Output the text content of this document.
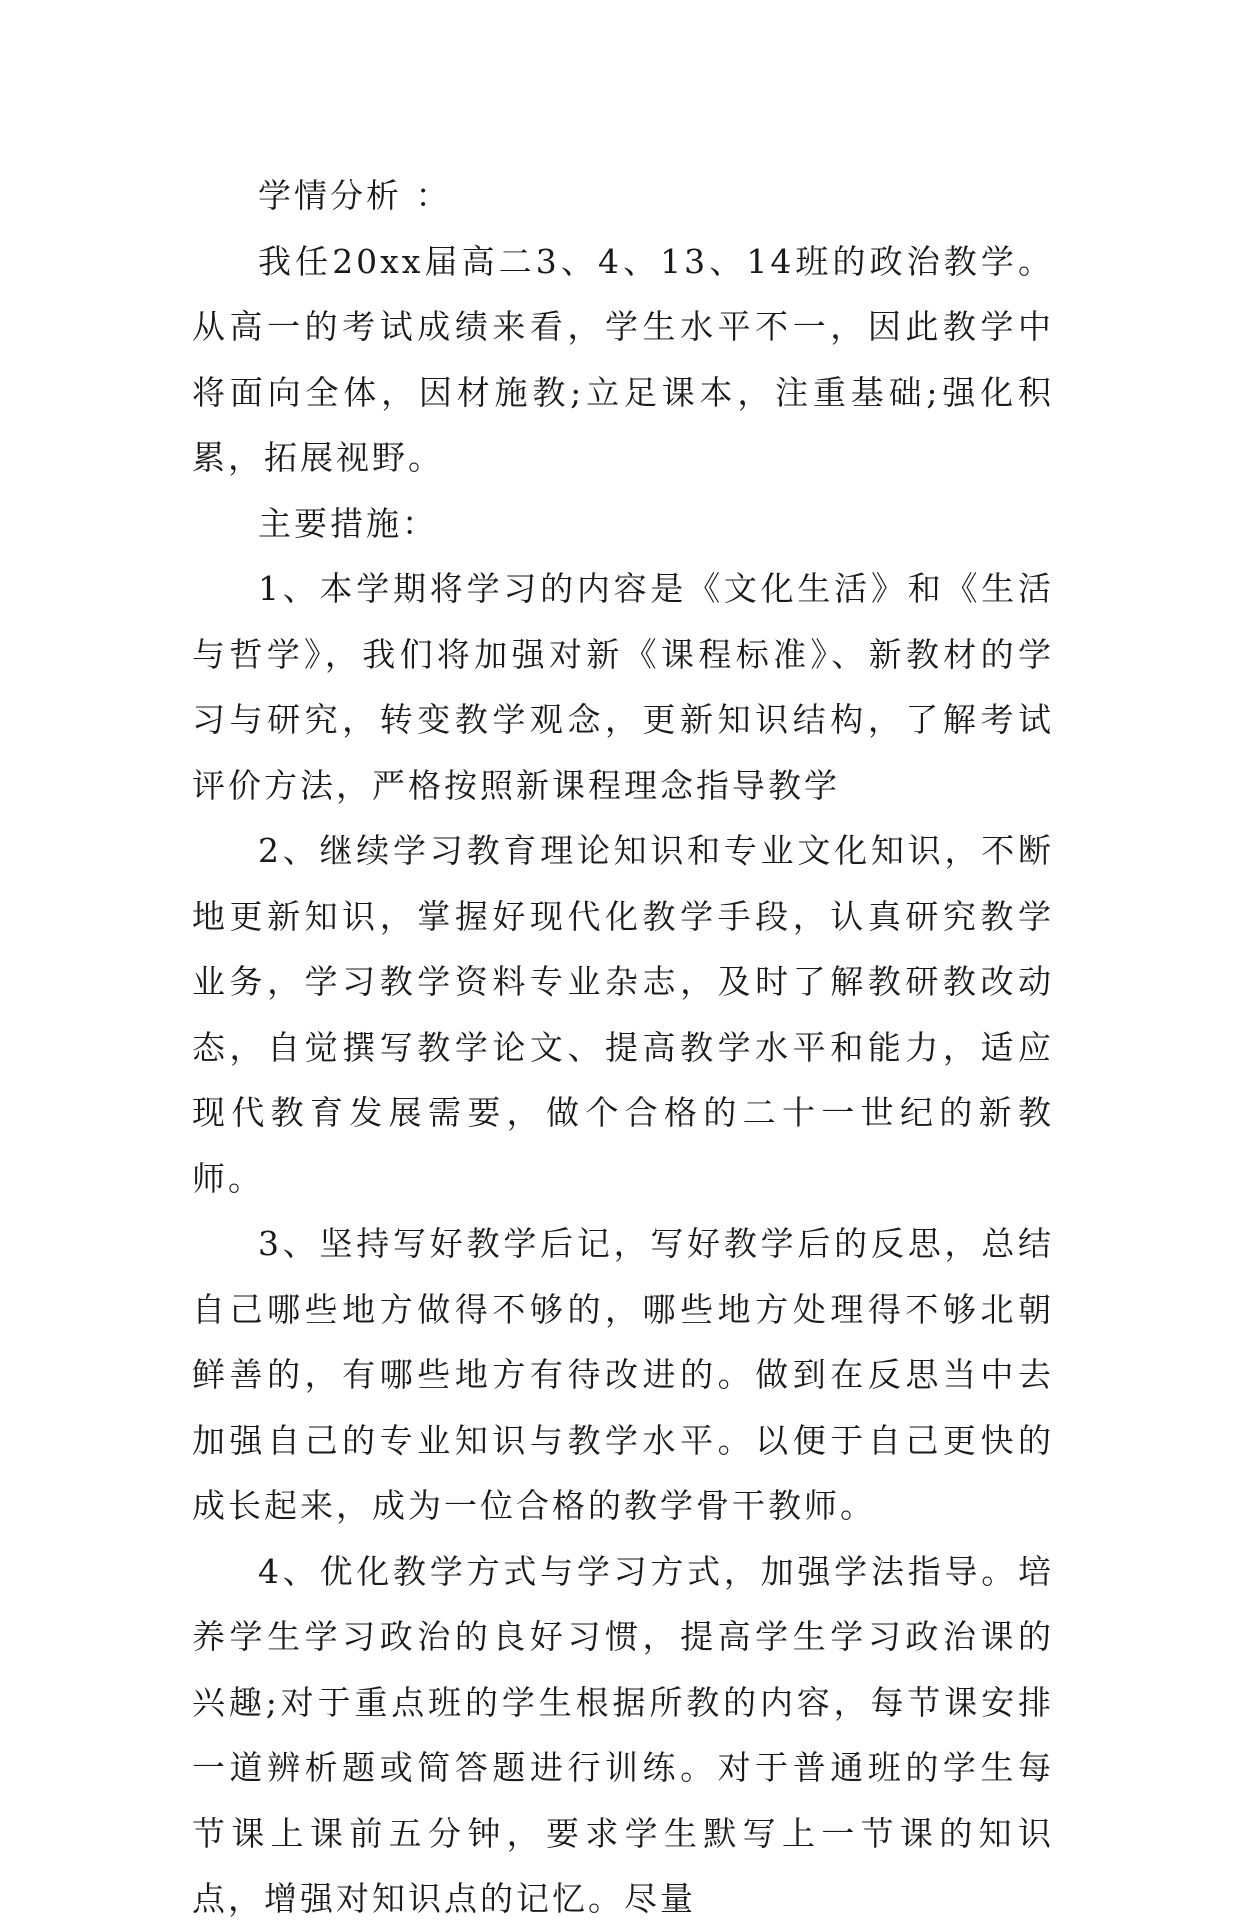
学情分析 ：

我任20xx届高二3、4、13、14班的政治教学。从高一的考试成绩来看，学生水平不一，因此教学中将面向全体，因材施教;立足课本，注重基础;强化积累，拓展视野。

主要措施：

1、本学期将学习的内容是《文化生活》和《生活与哲学》，我们将加强对新《课程标准》、新教材的学习与研究，转变教学观念，更新知识结构，了解考试评价方法，严格按照新课程理念指导教学

2、继续学习教育理论知识和专业文化知识，不断地更新知识，掌握好现代化教学手段，认真研究教学业务，学习教学资料专业杂志，及时了解教研教改动态，自觉撰写教学论文、提高教学水平和能力，适应现代教育发展需要，做个合格的二十一世纪的新教师。

3、坚持写好教学后记，写好教学后的反思，总结自己哪些地方做得不够的，哪些地方处理得不够北朝鲜善的，有哪些地方有待改进的。做到在反思当中去加强自己的专业知识与教学水平。以便于自己更快的成长起来，成为一位合格的教学骨干教师。

4、优化教学方式与学习方式，加强学法指导。培养学生学习政治的良好习惯，提高学生学习政治课的兴趣;对于重点班的学生根据所教的内容，每节课安排一道辨析题或简答题进行训练。对于普通班的学生每节课上课前五分钟，要求学生默写上一节课的知识点，增强对知识点的记忆。尽量
